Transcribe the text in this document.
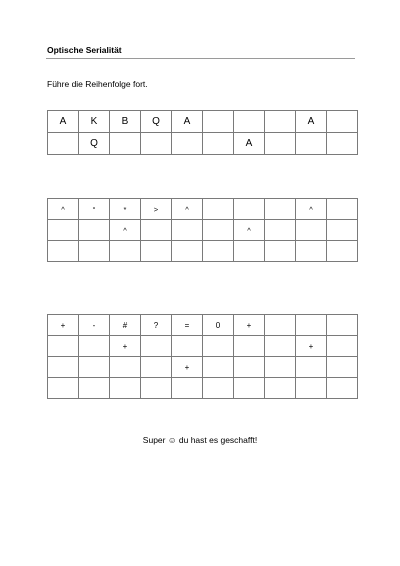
Optische Serialität
Führe die Reihenfolge fort.
A	K	B	Q	A				A	
	Q					A			
^	°	*	>	^				^	
		^				^			

+	-	#	?	=	0	+			
		+						+	
				+					

Super ☺ du hast es geschafft!
